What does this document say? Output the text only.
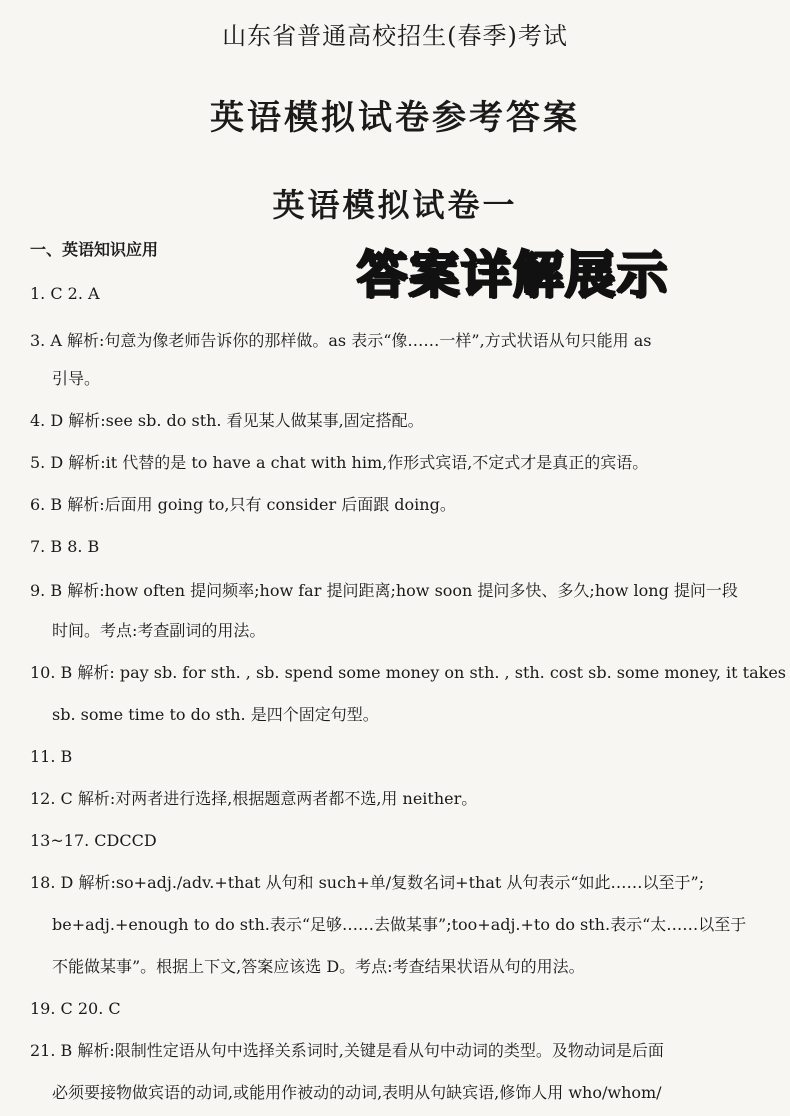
山东省普通高校招生(春季)考试
英语模拟试卷参考答案
英语模拟试卷一
一、英语知识应用	答案详解展示
1. C 2. A
3. A 解析:句意为像老师告诉你的那样做。as 表示“像……一样”,方式状语从句只能用 as
引导。
4. D 解析:see sb. do sth. 看见某人做某事,固定搭配。
5. D 解析:it 代替的是 to have a chat with him,作形式宾语,不定式才是真正的宾语。
6. B 解析:后面用 going to,只有 consider 后面跟 doing。
7. B 8. B
9. B 解析:how often 提问频率;how far 提问距离;how soon 提问多快、多久;how long 提问一段
时间。考点:考查副词的用法。
10. B 解析: pay sb. for sth. , sb. spend some money on sth. , sth. cost sb. some money, it takes
sb. some time to do sth. 是四个固定句型。
11. B
12. C 解析:对两者进行选择,根据题意两者都不选,用 neither。
13~17. CDCCD
18. D 解析:so+adj./adv.+that 从句和 such+单/复数名词+that 从句表示“如此……以至于”;
be+adj.+enough to do sth.表示“足够……去做某事”;too+adj.+to do sth.表示“太……以至于
不能做某事”。根据上下文,答案应该选 D。考点:考查结果状语从句的用法。
19. C 20. C
21. B 解析:限制性定语从句中选择关系词时,关键是看从句中动词的类型。及物动词是后面
必须要接物做宾语的动词,或能用作被动的动词,表明从句缺宾语,修饰人用 who/whom/
